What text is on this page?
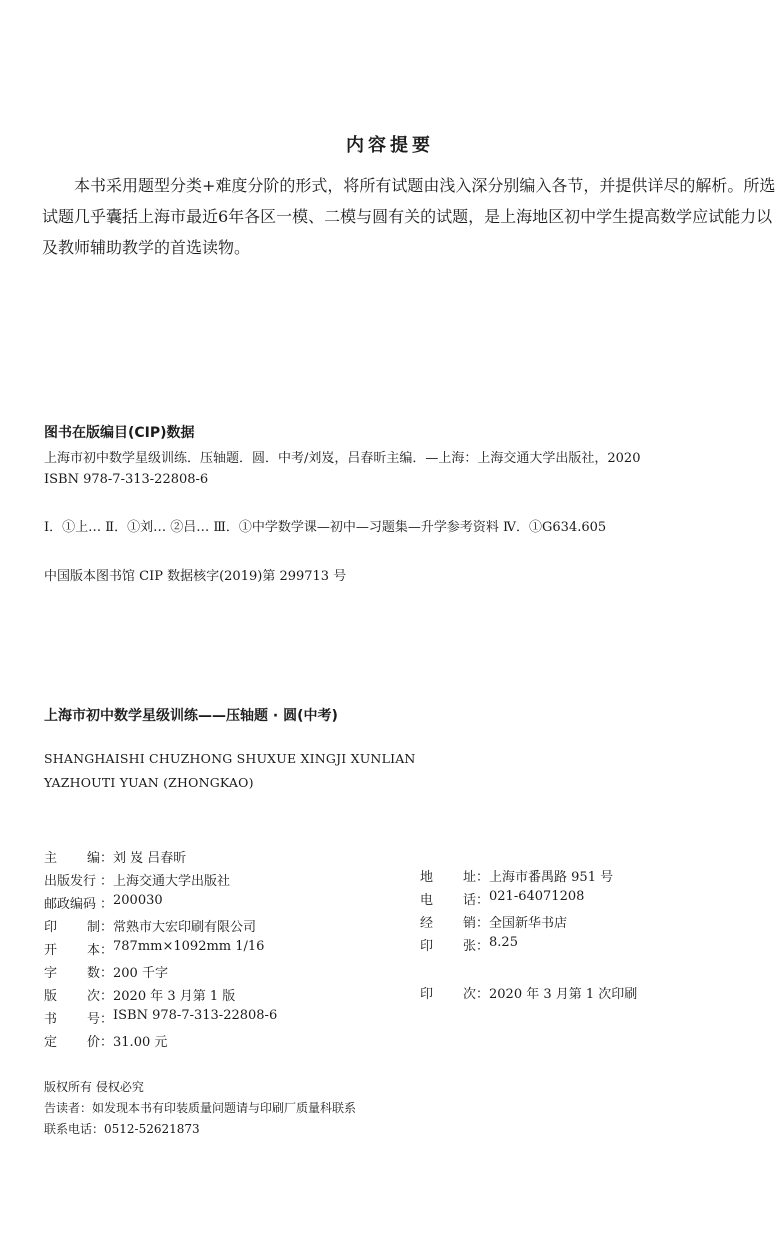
内容提要
本书采用题型分类+难度分阶的形式，将所有试题由浅入深分别编入各节，并提供详尽的解析。所选试题几乎囊括上海市最近6年各区一模、二模与圆有关的试题，是上海地区初中学生提高数学应试能力以及教师辅助教学的首选读物。
图书在版编目(CIP)数据
上海市初中数学星级训练．压轴题．圆．中考/刘岌，吕春昕主编．—上海：上海交通大学出版社，2020
ISBN 978-7-313-22808-6
Ⅰ．①上… Ⅱ．①刘… ②吕… Ⅲ．①中学数学课—初中—习题集—升学参考资料 Ⅳ．①G634.605
中国版本图书馆 CIP 数据核字(2019)第 299713 号
上海市初中数学星级训练——压轴题 · 圆(中考)
SHANGHAISHI CHUZHONG SHUXUE XINGJI XUNLIAN
YAZHOUTI YUAN (ZHONGKAO)
主 编 ： 刘 岌 吕春昕
出版发行 ： 上海交通大学出版社
邮政编码 ： 200030
印 制 ： 常熟市大宏印刷有限公司
开 本 ： 787mm×1092mm 1/16
字 数 ： 200 千字
版 次 ： 2020 年 3 月第 1 版
书 号 ： ISBN 978-7-313-22808-6
定 价 ： 31.00 元
地 址 ： 上海市番禺路 951 号
电 话 ： 021-64071208
经 销 ： 全国新华书店
印 张 ： 8.25
印 次 ： 2020 年 3 月第 1 次印刷
版权所有 侵权必究
告读者：如发现本书有印装质量问题请与印刷厂质量科联系
联系电话：0512-52621873
